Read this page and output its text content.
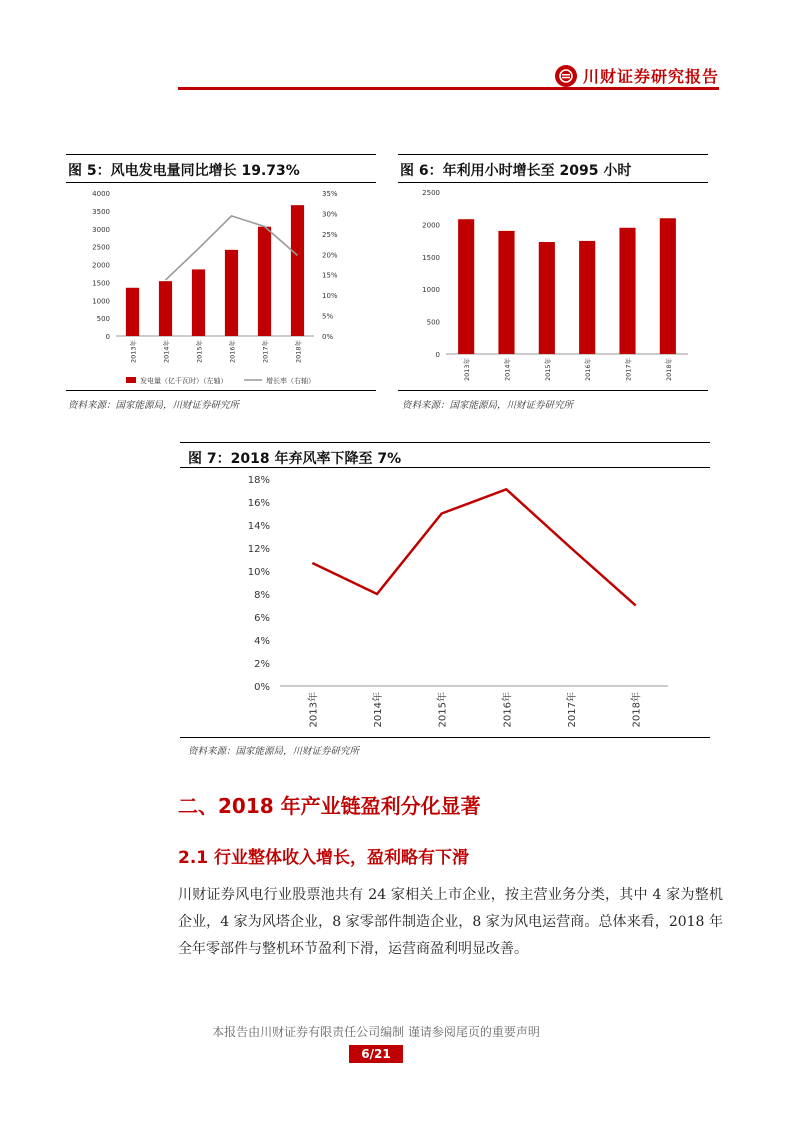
川财证券研究报告
图 5：风电发电量同比增长 19.73%
0
500
1000
1500
2000
2500
3000
3500
4000
0%
5%
10%
15%
20%
25%
30%
35%
2013年	2014年	2015年	2016年	2017年	2018年
发电量（亿千瓦时）（左轴）	增长率（右轴）
资料来源：国家能源局，川财证券研究所
图 6：年利用小时增长至 2095 小时
0
500
1000
1500
2000
2500
2013年	2014年	2015年	2016年	2017年	2018年
资料来源：国家能源局，川财证券研究所
图 7：2018 年弃风率下降至 7%
0%
2%
4%
6%
8%
10%
12%
14%
16%
18%
2013年	2014年	2015年	2016年	2017年	2018年
资料来源：国家能源局，川财证券研究所
二、2018 年产业链盈利分化显著
2.1 行业整体收入增长，盈利略有下滑
川财证券风电行业股票池共有 24 家相关上市企业，按主营业务分类，其中 4 家为整机企业，4 家为风塔企业，8 家零部件制造企业，8 家为风电运营商。总体来看，2018 年全年零部件与整机环节盈利下滑，运营商盈利明显改善。
本报告由川财证券有限责任公司编制 谨请参阅尾页的重要声明
6/21
